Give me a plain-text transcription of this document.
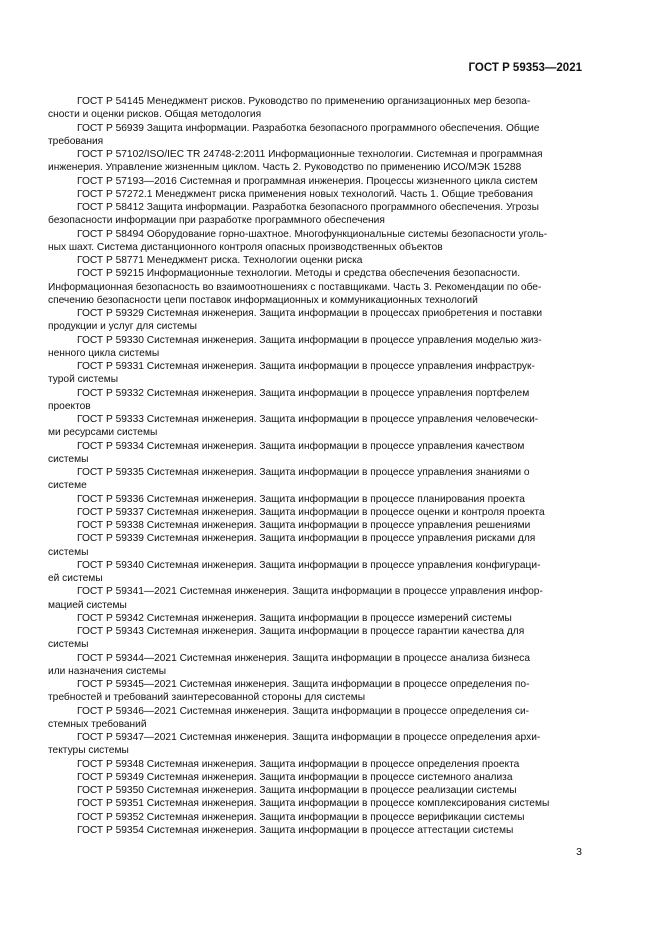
ГОСТ Р 59353—2021

ГОСТ Р 54145 Менеджмент рисков. Руководство по применению организационных мер безопа-
сности и оценки рисков. Общая методология

ГОСТ Р 56939 Защита информации. Разработка безопасного программного обеспечения. Общие
требования

ГОСТ Р 57102/ISO/IEC TR 24748-2:2011 Информационные технологии. Системная и программная
инженерия. Управление жизненным циклом. Часть 2. Руководство по применению ИСО/МЭК 15288

ГОСТ Р 57193—2016 Системная и программная инженерия. Процессы жизненного цикла систем

ГОСТ Р 57272.1 Менеджмент риска применения новых технологий. Часть 1. Общие требования

ГОСТ Р 58412 Защита информации. Разработка безопасного программного обеспечения. Угрозы
безопасности информации при разработке программного обеспечения

ГОСТ Р 58494 Оборудование горно-шахтное. Многофункциональные системы безопасности уголь-
ных шахт. Система дистанционного контроля опасных производственных объектов

ГОСТ Р 58771 Менеджмент риска. Технологии оценки риска

ГОСТ Р 59215 Информационные технологии. Методы и средства обеспечения безопасности.
Информационная безопасность во взаимоотношениях с поставщиками. Часть 3. Рекомендации по обе-
спечению безопасности цепи поставок информационных и коммуникационных технологий

ГОСТ Р 59329 Системная инженерия. Защита информации в процессах приобретения и поставки
продукции и услуг для системы

ГОСТ Р 59330 Системная инженерия. Защита информации в процессе управления моделью жиз-
ненного цикла системы

ГОСТ Р 59331 Системная инженерия. Защита информации в процессе управления инфраструк-
турой системы

ГОСТ Р 59332 Системная инженерия. Защита информации в процессе управления портфелем
проектов

ГОСТ Р 59333 Системная инженерия. Защита информации в процессе управления человечески-
ми ресурсами системы

ГОСТ Р 59334 Системная инженерия. Защита информации в процессе управления качеством
системы

ГОСТ Р 59335 Системная инженерия. Защита информации в процессе управления знаниями о
системе

ГОСТ Р 59336 Системная инженерия. Защита информации в процессе планирования проекта

ГОСТ Р 59337 Системная инженерия. Защита информации в процессе оценки и контроля проекта

ГОСТ Р 59338 Системная инженерия. Защита информации в процессе управления решениями

ГОСТ Р 59339 Системная инженерия. Защита информации в процессе управления рисками для
системы

ГОСТ Р 59340 Системная инженерия. Защита информации в процессе управления конфигураци-
ей системы

ГОСТ Р 59341—2021 Системная инженерия. Защита информации в процессе управления инфор-
мацией системы

ГОСТ Р 59342 Системная инженерия. Защита информации в процессе измерений системы

ГОСТ Р 59343 Системная инженерия. Защита информации в процессе гарантии качества для
системы

ГОСТ Р 59344—2021 Системная инженерия. Защита информации в процессе анализа бизнеса
или назначения системы

ГОСТ Р 59345—2021 Системная инженерия. Защита информации в процессе определения по-
требностей и требований заинтересованной стороны для системы

ГОСТ Р 59346—2021 Системная инженерия. Защита информации в процессе определения си-
стемных требований

ГОСТ Р 59347—2021 Системная инженерия. Защита информации в процессе определения архи-
тектуры системы

ГОСТ Р 59348 Системная инженерия. Защита информации в процессе определения проекта

ГОСТ Р 59349 Системная инженерия. Защита информации в процессе системного анализа

ГОСТ Р 59350 Системная инженерия. Защита информации в процессе реализации системы

ГОСТ Р 59351 Системная инженерия. Защита информации в процессе комплексирования системы

ГОСТ Р 59352 Системная инженерия. Защита информации в процессе верификации системы

ГОСТ Р 59354 Системная инженерия. Защита информации в процессе аттестации системы

3
